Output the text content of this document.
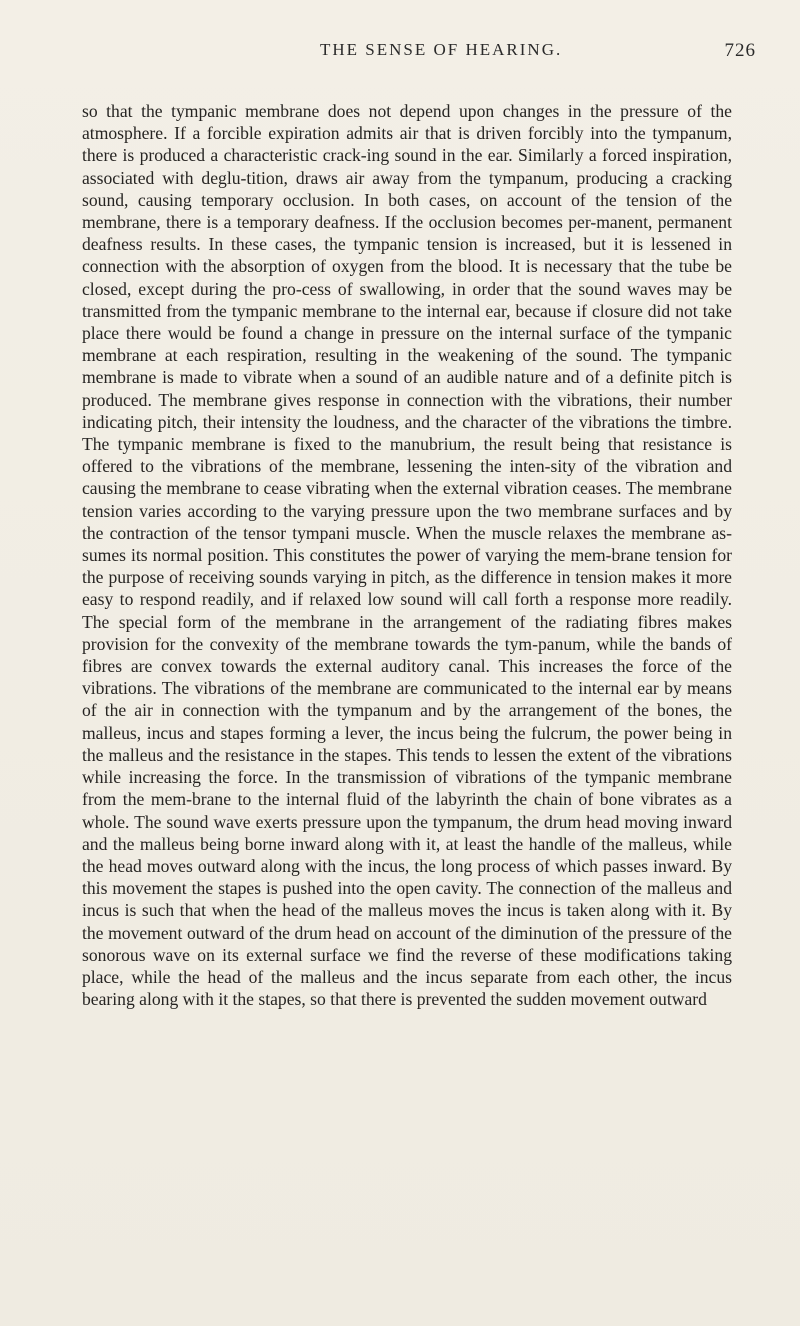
THE SENSE OF HEARING.	726

so that the tympanic membrane does not depend upon changes in the pressure of the atmosphere. If a forcible expiration admits air that is driven forcibly into the tympanum, there is produced a characteristic crack-ing sound in the ear. Similarly a forced inspiration, associated with deglu-tition, draws air away from the tympanum, producing a cracking sound, causing temporary occlusion. In both cases, on account of the tension of the membrane, there is a temporary deafness. If the occlusion becomes per-manent, permanent deafness results. In these cases, the tympanic tension is increased, but it is lessened in connection with the absorption of oxygen from the blood. It is necessary that the tube be closed, except during the pro-cess of swallowing, in order that the sound waves may be transmitted from the tympanic membrane to the internal ear, because if closure did not take place there would be found a change in pressure on the internal surface of the tympanic membrane at each respiration, resulting in the weakening of the sound. The tympanic membrane is made to vibrate when a sound of an audible nature and of a definite pitch is produced. The membrane gives response in connection with the vibrations, their number indicating pitch, their intensity the loudness, and the character of the vibrations the timbre. The tympanic membrane is fixed to the manubrium, the result being that resistance is offered to the vibrations of the membrane, lessening the inten-sity of the vibration and causing the membrane to cease vibrating when the external vibration ceases. The membrane tension varies according to the varying pressure upon the two membrane surfaces and by the contraction of the tensor tympani muscle. When the muscle relaxes the membrane as-sumes its normal position. This constitutes the power of varying the mem-brane tension for the purpose of receiving sounds varying in pitch, as the difference in tension makes it more easy to respond readily, and if relaxed low sound will call forth a response more readily. The special form of the membrane in the arrangement of the radiating fibres makes provision for the convexity of the membrane towards the tym-panum, while the bands of fibres are convex towards the external auditory canal. This increases the force of the vibrations. The vibrations of the membrane are communicated to the internal ear by means of the air in connection with the tympanum and by the arrangement of the bones, the malleus, incus and stapes forming a lever, the incus being the fulcrum, the power being in the malleus and the resistance in the stapes. This tends to lessen the extent of the vibrations while increasing the force. In the transmission of vibrations of the tympanic membrane from the mem-brane to the internal fluid of the labyrinth the chain of bone vibrates as a whole. The sound wave exerts pressure upon the tympanum, the drum head moving inward and the malleus being borne inward along with it, at least the handle of the malleus, while the head moves outward along with the incus, the long process of which passes inward. By this movement the stapes is pushed into the open cavity. The connection of the malleus and incus is such that when the head of the malleus moves the incus is taken along with it. By the movement outward of the drum head on account of the diminution of the pressure of the sonorous wave on its external surface we find the reverse of these modifications taking place, while the head of the malleus and the incus separate from each other, the incus bearing along with it the stapes, so that there is prevented the sudden movement outward
